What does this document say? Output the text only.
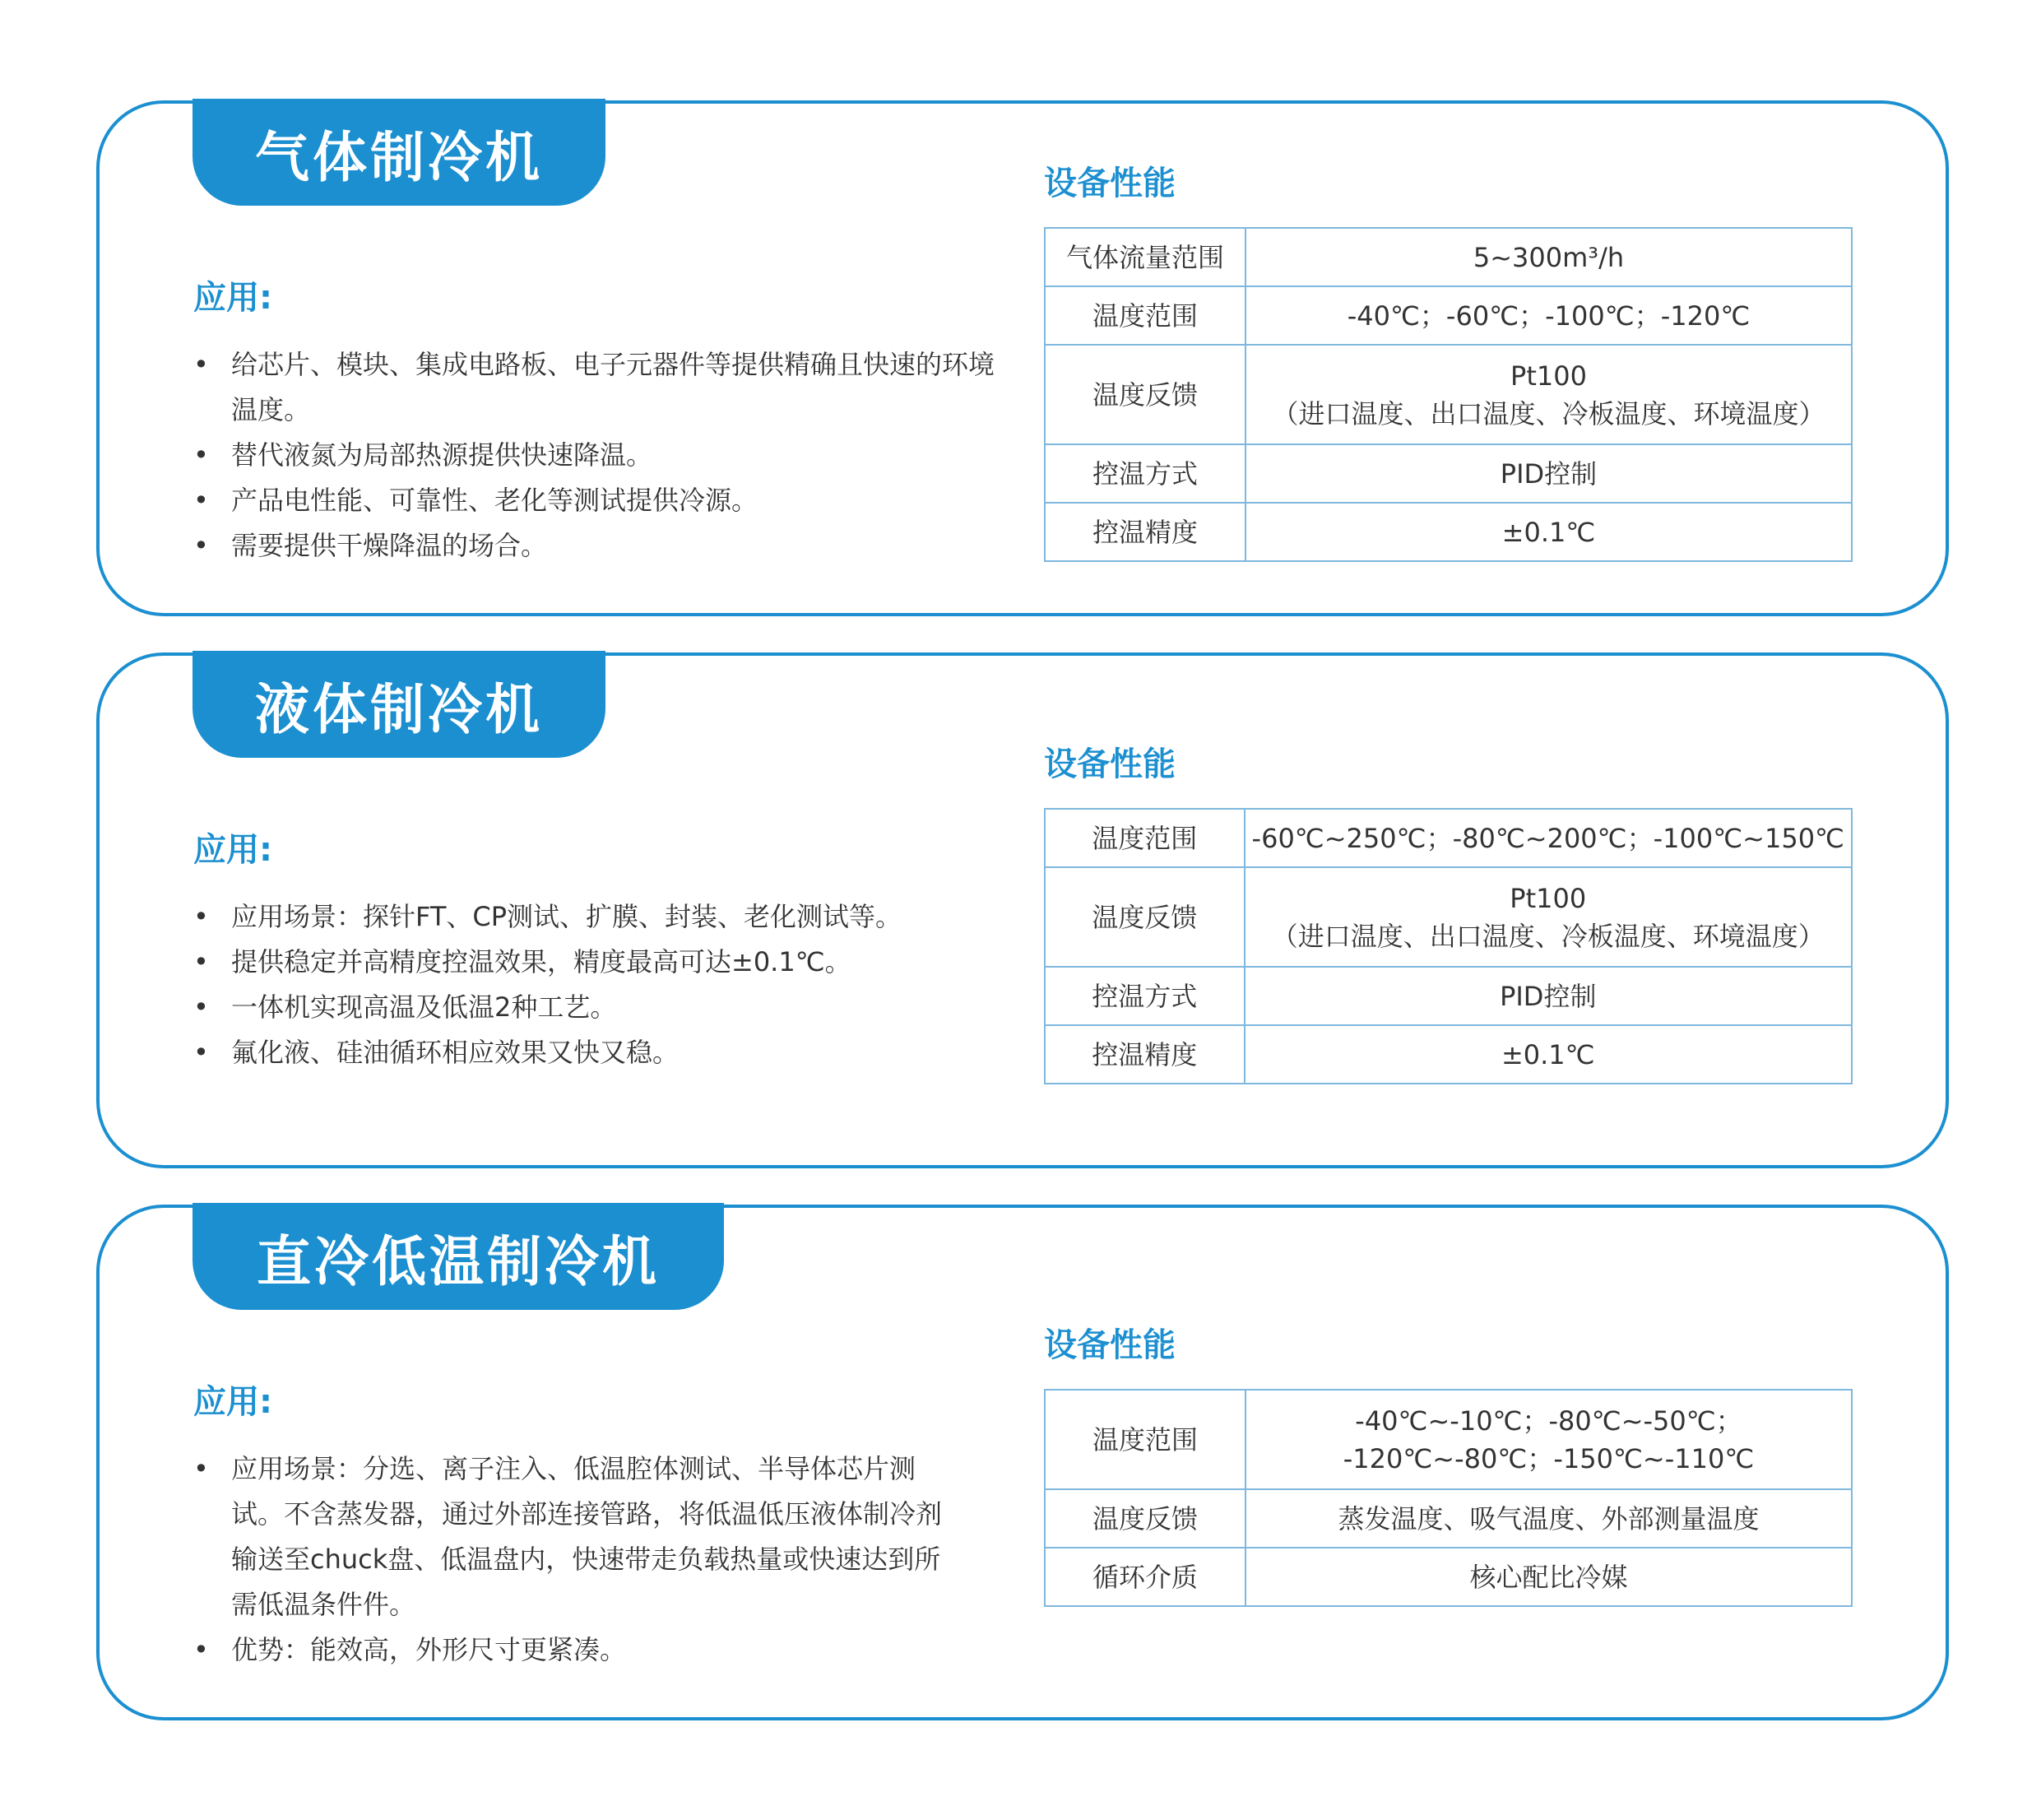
气体制冷机
应用:
• 给芯片、模块、集成电路板、电子元器件等提供精确且快速的环境温度。
• 替代液氮为局部热源提供快速降温。
• 产品电性能、可靠性、老化等测试提供冷源。
• 需要提供干燥降温的场合。
设备性能
气体流量范围	5~300m³/h

温度范围	-40℃；-60℃；-100℃；-120℃

温度反馈	Pt100
（进口温度、出口温度、冷板温度、环境温度）

控温方式	PID控制

控温精度	±0.1℃
液体制冷机
应用:
• 应用场景：探针FT、CP测试、扩膜、封装、老化测试等。
• 提供稳定并高精度控温效果，精度最高可达±0.1℃。
• 一体机实现高温及低温2种工艺。
• 氟化液、硅油循环相应效果又快又稳。
设备性能
温度范围	-60℃~250℃；-80℃~200℃；-100℃~150℃

温度反馈	Pt100
（进口温度、出口温度、冷板温度、环境温度）

控温方式	PID控制

控温精度	±0.1℃
直冷低温制冷机
应用:
• 应用场景：分选、离子注入、低温腔体测试、半导体芯片测试。不含蒸发器，通过外部连接管路，将低温低压液体制冷剂输送至chuck盘、低温盘内，快速带走负载热量或快速达到所需低温条件件。
• 优势：能效高，外形尺寸更紧凑。
设备性能
温度范围	-40℃~-10℃；-80℃~-50℃；
-120℃~-80℃；-150℃~-110℃

温度反馈	蒸发温度、吸气温度、外部测量温度

循环介质	核心配比冷媒
